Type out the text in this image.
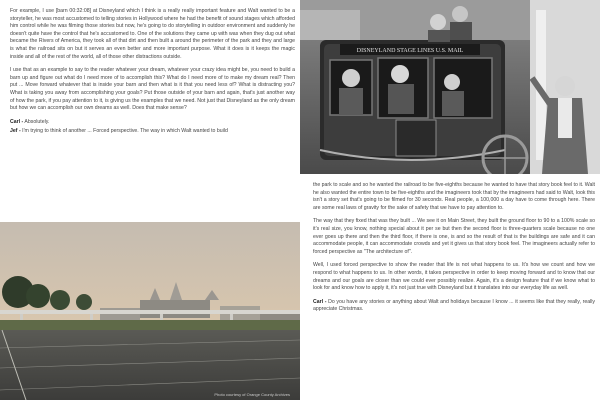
For example, I use [barn 00:32:08] at Disneyland which I think is a really really important feature and Walt wanted to be a storyteller, he was most accustomed to telling stories in Hollywood where he had the benefit of sound stages which afforded him control while he was filming those stories but now, he's going to do storytelling in outdoor environment and suddenly he doesn't quite have the control that he's accustomed to. One of the solutions they came up with was when they dug out what became the Rivers of America, they took all of that dirt and then built a around the perimeter of the park and they and large is what the railroad sits on but it serves an even better and more important purpose. What it does is it keeps the magic inside and all of the rest of the world, all of those other distractions outside.

I use that as an example to say to the reader whatever your dream, whatever your crazy idea might be, you need to build a barn up and figure out what do I need more of to accomplish this? What do I need more of to make my dream real? Then put ... Move forward whatever that is inside your barn and then what is it that you need less of? What is distracting you? What is taking you away from accomplishing your goals? Put those outside of your barn and again, that's just another way of how the park, if you pay attention to it, is giving us the examples that we need. Not just that Disneyland as the only dream but how we can accomplish our own dreams as well. Does that make sense?

Carl - Absolutely.

Jef - I'm trying to think of another ... Forced perspective. The way in which Walt wanted to build

DISNEYLAND STAGE LINES U.S. MAIL

the park to scale and so he wanted the railroad to be five-eighths because he wanted to have that story book feel to it. Walt he also wanted the entire town to be five-eighths and the imagineers took that by the imagineers had said to Walt, look this isn't a story set that's going to be filmed for 30 seconds. Real people, a 100,000 a day have to come through here. There are some real laws of gravity for the sake of safety that we have to pay attention to.

The way that they fixed that was they built ... We see it on Main Street, they built the ground floor to 90 to a 100% scale so it's real size, you know, nothing special about it per se but then the second floor is three-quarters scale because no one ever goes up there and then the third floor, if there is one, is and so the result of that is the buildings are safe and it can accommodate people, it can accommodate crowds and yet it gives us that story book feel. The imagineers actually refer to forced perspective as "The architecture of".

Well, I used forced perspective to show the reader that life is not what happens to us. It's how we count and how we respond to what happens to us. In other words, it takes perspective in order to keep moving forward and to know that our dreams and our goals are closer than we could ever possibly realize. Again, it's a design feature that if we know what to look for and know how to apply it, it's not just true with Disneyland but it translates into our everyday life as well.

Carl - Do you have any stories or anything about Walt and holidays because I know ... it seems like that they really, really appreciate Christmas.

Photo courtesy of Orange County Archives
